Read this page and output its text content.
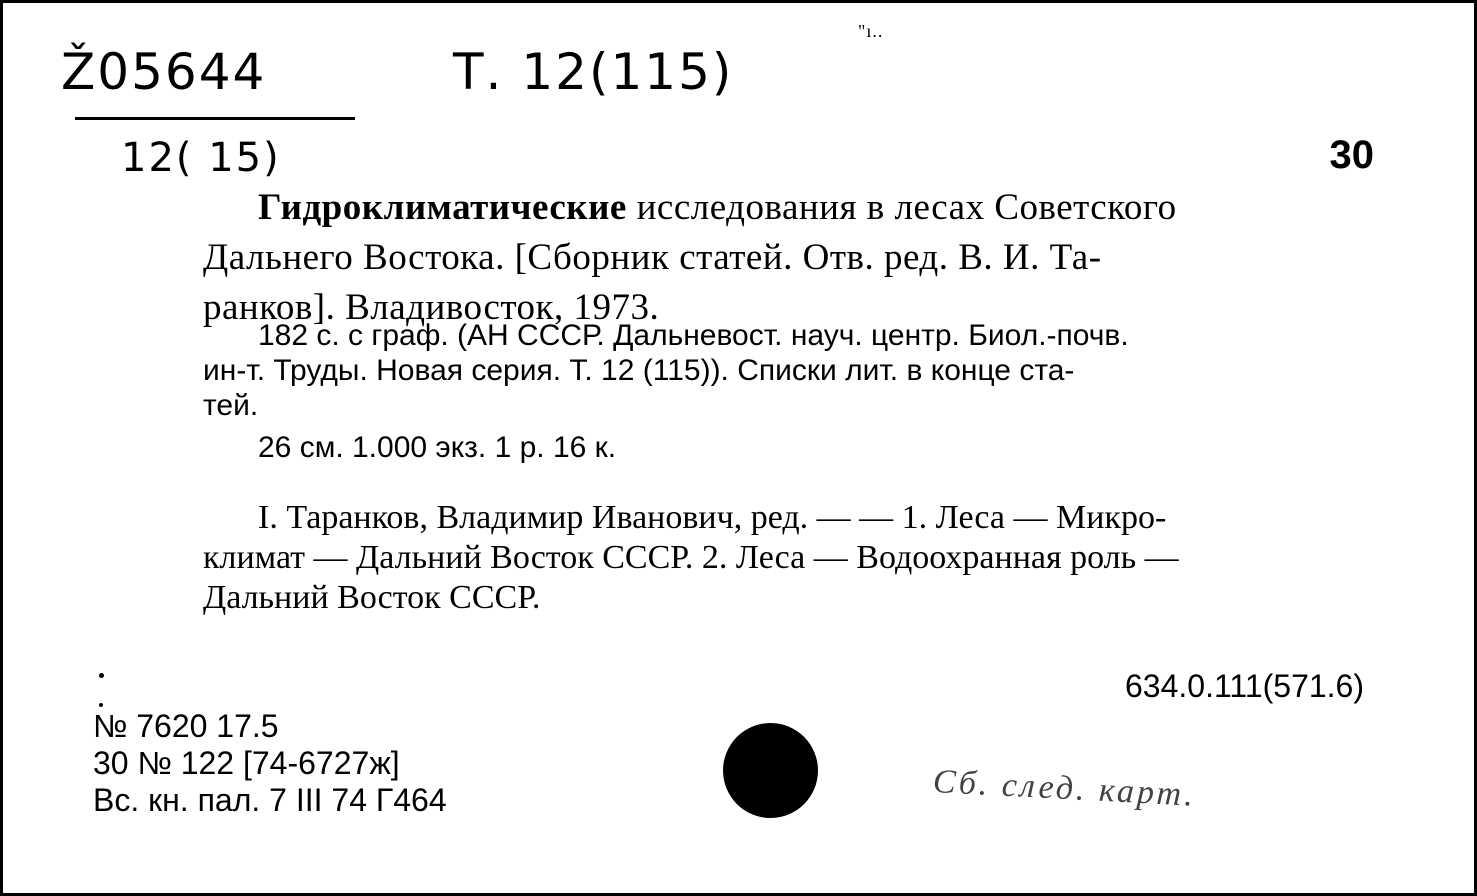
Ž05644	Т. 12(115)
12( 15)
"ı..
30
Гидроклиматические исследования в лесах Советского
Дальнего Востока. [Сборник статей. Отв. ред. В. И. Та-
ранков]. Владивосток, 1973.
182 с. с граф. (АН СССР. Дальневост. науч. центр. Биол.-почв.
ин-т. Труды. Новая серия. Т. 12 (115)). Списки лит. в конце ста-
тей.
26 см. 1.000 экз. 1 р. 16 к.
I. Таранков, Владимир Иванович, ред. — — 1. Леса — Микро-
климат — Дальний Восток СССР. 2. Леса — Водоохранная роль —
Дальний Восток СССР.
634.0.111(571.6)
№ 7620 17.5
30 № 122 [74-6727ж]
Вс. кн. пал. 7 III 74 Г464	Сб. след. карт.
